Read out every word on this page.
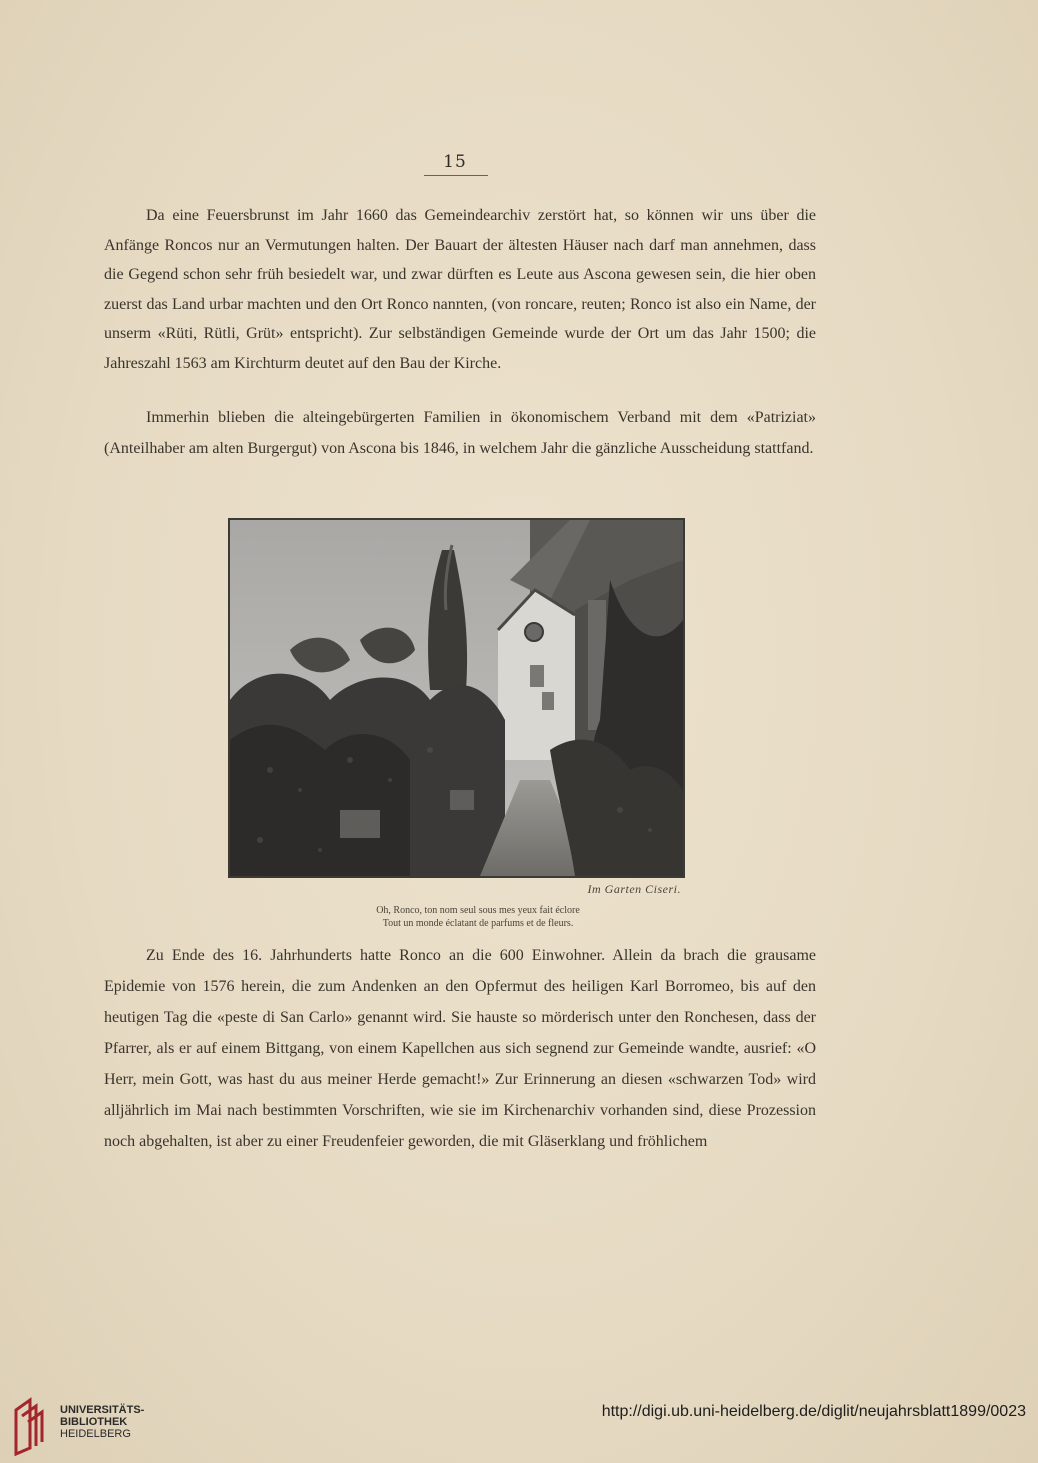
15
Da eine Feuersbrunst im Jahr 1660 das Gemeindearchiv zerstört hat, so können wir uns über die Anfänge Roncos nur an Vermutungen halten. Der Bauart der ältesten Häuser nach darf man annehmen, dass die Gegend schon sehr früh besiedelt war, und zwar dürften es Leute aus Ascona gewesen sein, die hier oben zuerst das Land urbar machten und den Ort Ronco nannten, (von roncare, reuten; Ronco ist also ein Name, der unserm «Rüti, Rütli, Grüt» entspricht). Zur selbständigen Gemeinde wurde der Ort um das Jahr 1500; die Jahreszahl 1563 am Kirchturm deutet auf den Bau der Kirche.
Immerhin blieben die alteingebürgerten Familien in ökonomischem Verband mit dem «Patriziat» (Anteilhaber am alten Burgergut) von Ascona bis 1846, in welchem Jahr die gänzliche Ausscheidung stattfand.
Im Garten Ciseri.
Oh, Ronco, ton nom seul sous mes yeux fait éclore
Tout un monde éclatant de parfums et de fleurs.
Zu Ende des 16. Jahrhunderts hatte Ronco an die 600 Einwohner. Allein da brach die grausame Epidemie von 1576 herein, die zum Andenken an den Opfermut des heiligen Karl Borromeo, bis auf den heutigen Tag die «peste di San Carlo» genannt wird. Sie hauste so mörderisch unter den Ronchesen, dass der Pfarrer, als er auf einem Bittgang, von einem Kapellchen aus sich segnend zur Gemeinde wandte, ausrief: «O Herr, mein Gott, was hast du aus meiner Herde gemacht!» Zur Erinnerung an diesen «schwarzen Tod» wird alljährlich im Mai nach bestimmten Vorschriften, wie sie im Kirchenarchiv vorhanden sind, diese Prozession noch abgehalten, ist aber zu einer Freudenfeier geworden, die mit Gläserklang und fröhlichem
UNIVERSITÄTS-
BIBLIOTHEK
HEIDELBERG
http://digi.ub.uni-heidelberg.de/diglit/neujahrsblatt1899/0023
